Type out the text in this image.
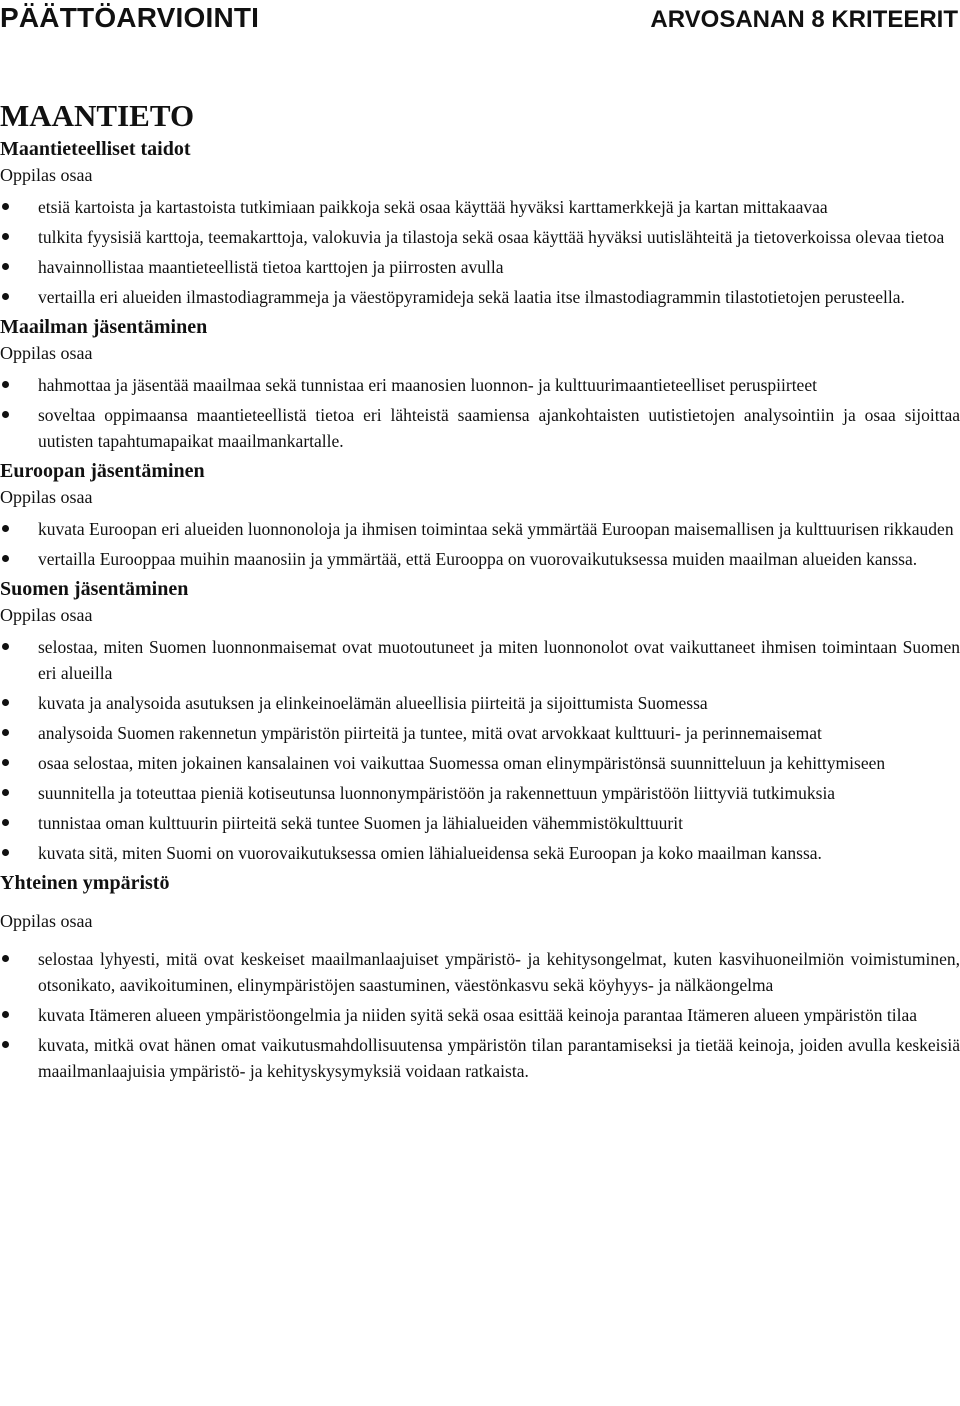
PÄÄTTÖARVIOINTI	ARVOSANAN 8 KRITEERIT
MAANTIETO
Maantieteelliset taidot

Oppilas osaa

etsiä kartoista ja kartastoista tutkimiaan paikkoja sekä osaa käyttää hyväksi karttamerkkejä ja kartan mittakaavaa
tulkita fyysisiä karttoja, teemakarttoja, valokuvia ja tilastoja sekä osaa käyttää hyväksi uutislähteitä ja tietoverkoissa olevaa tietoa
havainnollistaa maantieteellistä tietoa karttojen ja piirrosten avulla
vertailla eri alueiden ilmastodiagrammeja ja väestöpyramideja sekä laatia itse ilmastodiagrammin tilastotietojen perusteella.
Maailman jäsentäminen

Oppilas osaa

hahmottaa ja jäsentää maailmaa sekä tunnistaa eri maanosien luonnon- ja kulttuurimaantieteelliset peruspiirteet
soveltaa oppimaansa maantieteellistä tietoa eri lähteistä saamiensa ajankohtaisten uutistietojen analysointiin ja osaa sijoittaa uutisten tapahtumapaikat maailmankartalle.
Euroopan jäsentäminen

Oppilas osaa

kuvata Euroopan eri alueiden luonnonoloja ja ihmisen toimintaa sekä ymmärtää Euroopan maisemallisen ja kulttuurisen rikkauden
vertailla Eurooppaa muihin maanosiin ja ymmärtää, että Eurooppa on vuorovaikutuksessa muiden maailman alueiden kanssa.
Suomen jäsentäminen

Oppilas osaa

selostaa, miten Suomen luonnonmaisemat ovat muotoutuneet ja miten luonnonolot ovat vaikuttaneet ihmisen toimintaan Suomen eri alueilla
kuvata ja analysoida asutuksen ja elinkeinoelämän alueellisia piirteitä ja sijoittumista Suomessa
analysoida Suomen rakennetun ympäristön piirteitä ja tuntee, mitä ovat arvokkaat kulttuuri- ja perinnemaisemat
osaa selostaa, miten jokainen kansalainen voi vaikuttaa Suomessa oman elinympäristönsä suunnitteluun ja kehittymiseen
suunnitella ja toteuttaa pieniä kotiseutunsa luonnonympäristöön ja rakennettuun ympäristöön liittyviä tutkimuksia
tunnistaa oman kulttuurin piirteitä sekä tuntee Suomen ja lähialueiden vähemmistökulttuurit
kuvata sitä, miten Suomi on vuorovaikutuksessa omien lähialueidensa sekä Euroopan ja koko maailman kanssa.
Yhteinen ympäristö

Oppilas osaa

selostaa lyhyesti, mitä ovat keskeiset maailmanlaajuiset ympäristö- ja kehitysongelmat, kuten kasvihuoneilmiön voimistuminen, otsonikato, aavikoituminen, elinympäristöjen saastuminen, väestönkasvu sekä köyhyys- ja nälkäongelma
kuvata Itämeren alueen ympäristöongelmia ja niiden syitä sekä osaa esittää keinoja parantaa Itämeren alueen ympäristön tilaa
kuvata, mitkä ovat hänen omat vaikutusmahdollisuutensa ympäristön tilan parantamiseksi ja tietää keinoja, joiden avulla keskeisiä maailmanlaajuisia ympäristö- ja kehityskysymyksiä voidaan ratkaista.
